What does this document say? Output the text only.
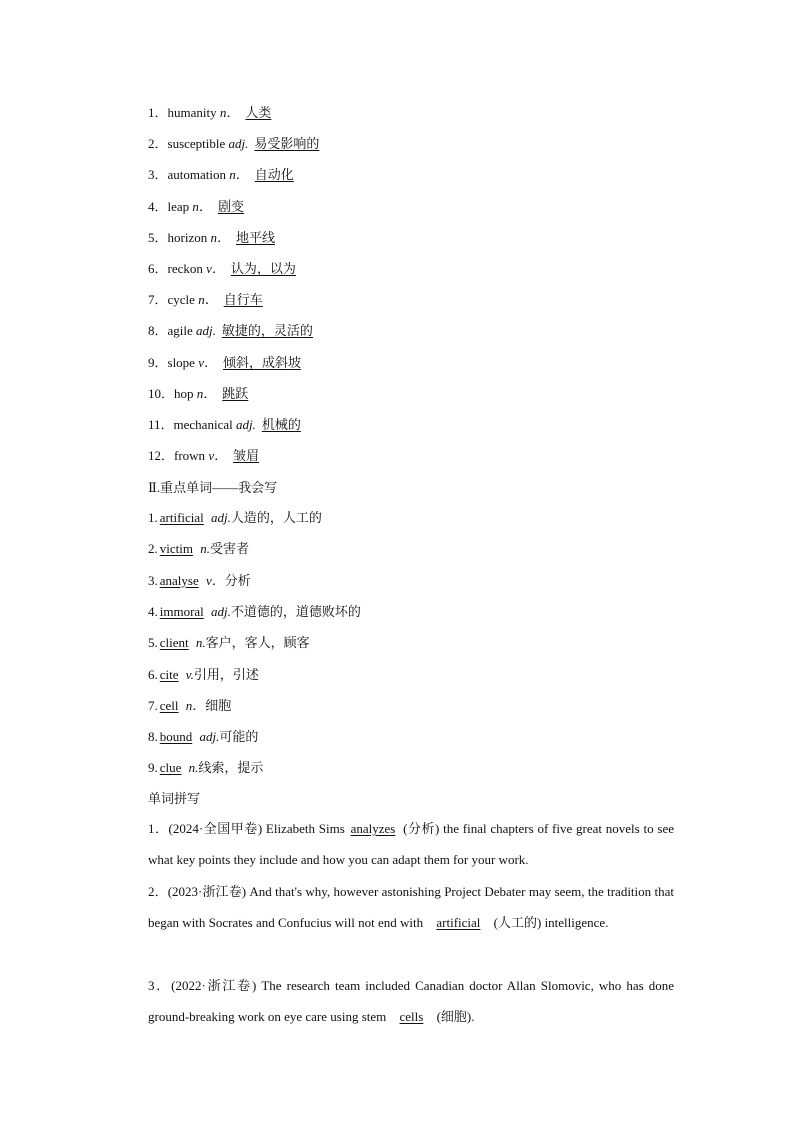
1．humanity n． 人类
2．susceptible adj. 易受影响的
3．automation n． 自动化
4．leap n． 剧变
5．horizon n． 地平线
6．reckon v． 认为，以为
7．cycle n． 自行车
8．agile adj. 敏捷的，灵活的
9．slope v． 倾斜，成斜坡
10．hop n． 跳跃
11．mechanical adj. 机械的
12．frown v． 皱眉
Ⅱ.重点单词——我会写
1. artificial adj.人造的，人工的
2. victim n.受害者
3. analyse v．分析
4. immoral adj.不道德的，道德败坏的
5. client n.客户，客人，顾客
6. cite v.引用，引述
7. cell n．细胞
8. bound adj.可能的
9. clue n.线索，提示
单词拼写
1．(2024·全国甲卷) Elizabeth Sims analyzes (分析) the final chapters of five great novels to see what key points they include and how you can adapt them for your work.
2．(2023·浙江卷) And that's why, however astonishing Project Debater may seem, the tradition that began with Socrates and Confucius will not end with artificial (人工的) intelligence.
3．(2022·浙江卷) The research team included Canadian doctor Allan Slomovic, who has done ground-breaking work on eye care using stem cells (细胞).
